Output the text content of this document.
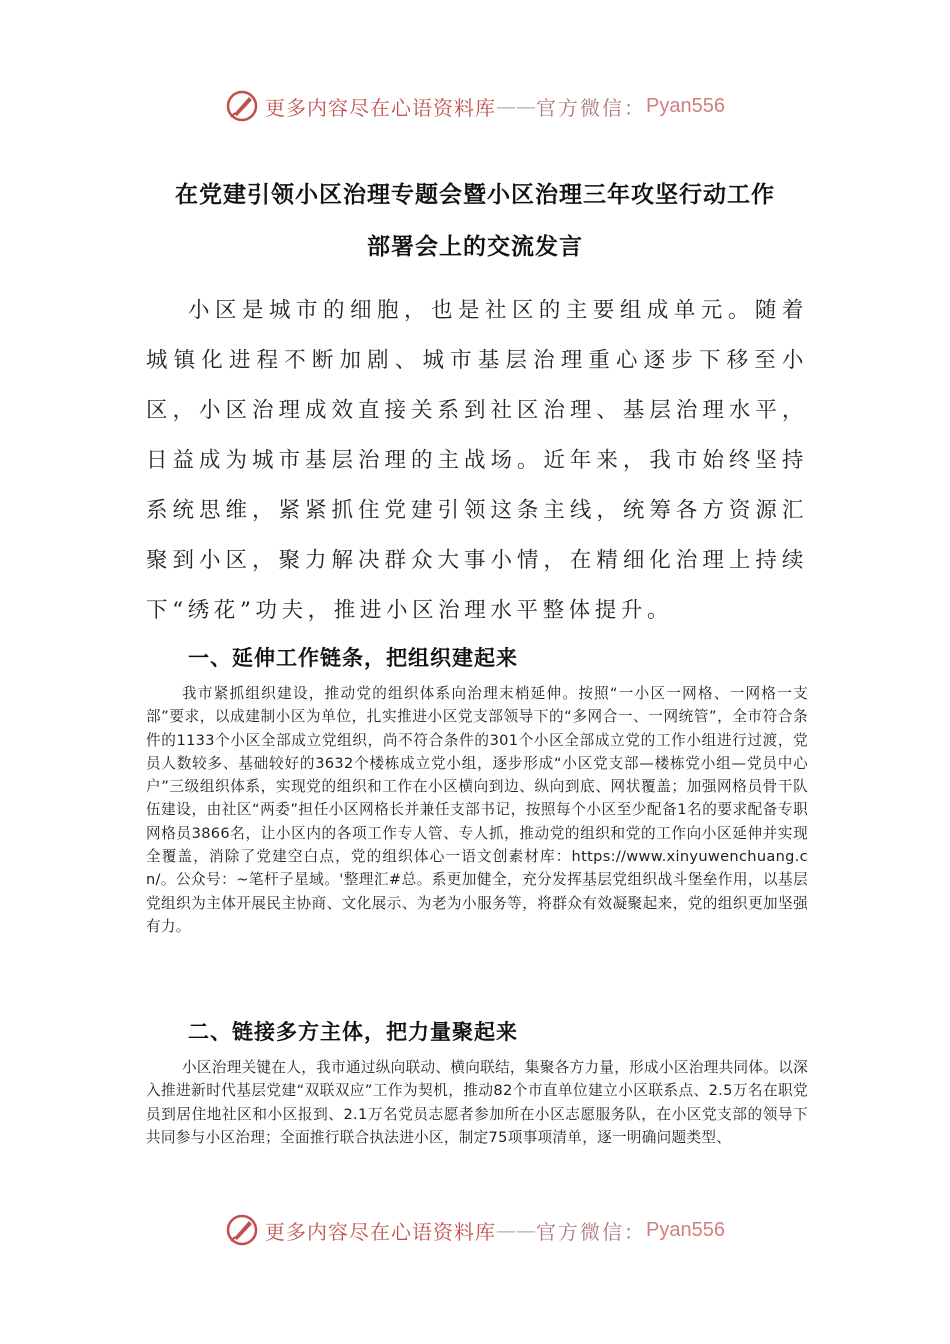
更多内容尽在心语资料库 —— 官方微信： Pyan556
在党建引领小区治理专题会暨小区治理三年攻坚行动工作
部署会上的交流发言
小区是城市的细胞，也是社区的主要组成单元。随着城镇化进程不断加剧、城市基层治理重心逐步下移至小区，小区治理成效直接关系到社区治理、基层治理水平，日益成为城市基层治理的主战场。近年来，我市始终坚持系统思维，紧紧抓住党建引领这条主线，统筹各方资源汇聚到小区，聚力解决群众大事小情，在精细化治理上持续下“绣花”功夫，推进小区治理水平整体提升。
一、延伸工作链条，把组织建起来
我市紧抓组织建设，推动党的组织体系向治理末梢延伸。按照“一小区一网格、一网格一支部”要求，以成建制小区为单位，扎实推进小区党支部领导下的“多网合一、一网统管”，全市符合条件的1133个小区全部成立党组织，尚不符合条件的301个小区全部成立党的工作小组进行过渡，党员人数较多、基础较好的3632个楼栋成立党小组，逐步形成“小区党支部—楼栋党小组—党员中心户”三级组织体系，实现党的组织和工作在小区横向到边、纵向到底、网状覆盖；加强网格员骨干队伍建设，由社区“两委”担任小区网格长并兼任支部书记，按照每个小区至少配备1名的要求配备专职网格员3866名，让小区内的各项工作专人管、专人抓，推动党的组织和党的工作向小区延伸并实现全覆盖，消除了党建空白点，党的组织体心一语文创素材库：https://www.xinyuwenchuang.cn/。公众号：~笔杆子星域。'整理汇#总。系更加健全，充分发挥基层党组织战斗堡垒作用，以基层党组织为主体开展民主协商、文化展示、为老为小服务等，将群众有效凝聚起来，党的组织更加坚强有力。
二、链接多方主体，把力量聚起来
小区治理关键在人，我市通过纵向联动、横向联结，集聚各方力量，形成小区治理共同体。以深入推进新时代基层党建“双联双应”工作为契机，推动82个市直单位建立小区联系点、2.5万名在职党员到居住地社区和小区报到、2.1万名党员志愿者参加所在小区志愿服务队，在小区党支部的领导下共同参与小区治理；全面推行联合执法进小区，制定75项事项清单，逐一明确问题类型、
更多内容尽在心语资料库 —— 官方微信： Pyan556
